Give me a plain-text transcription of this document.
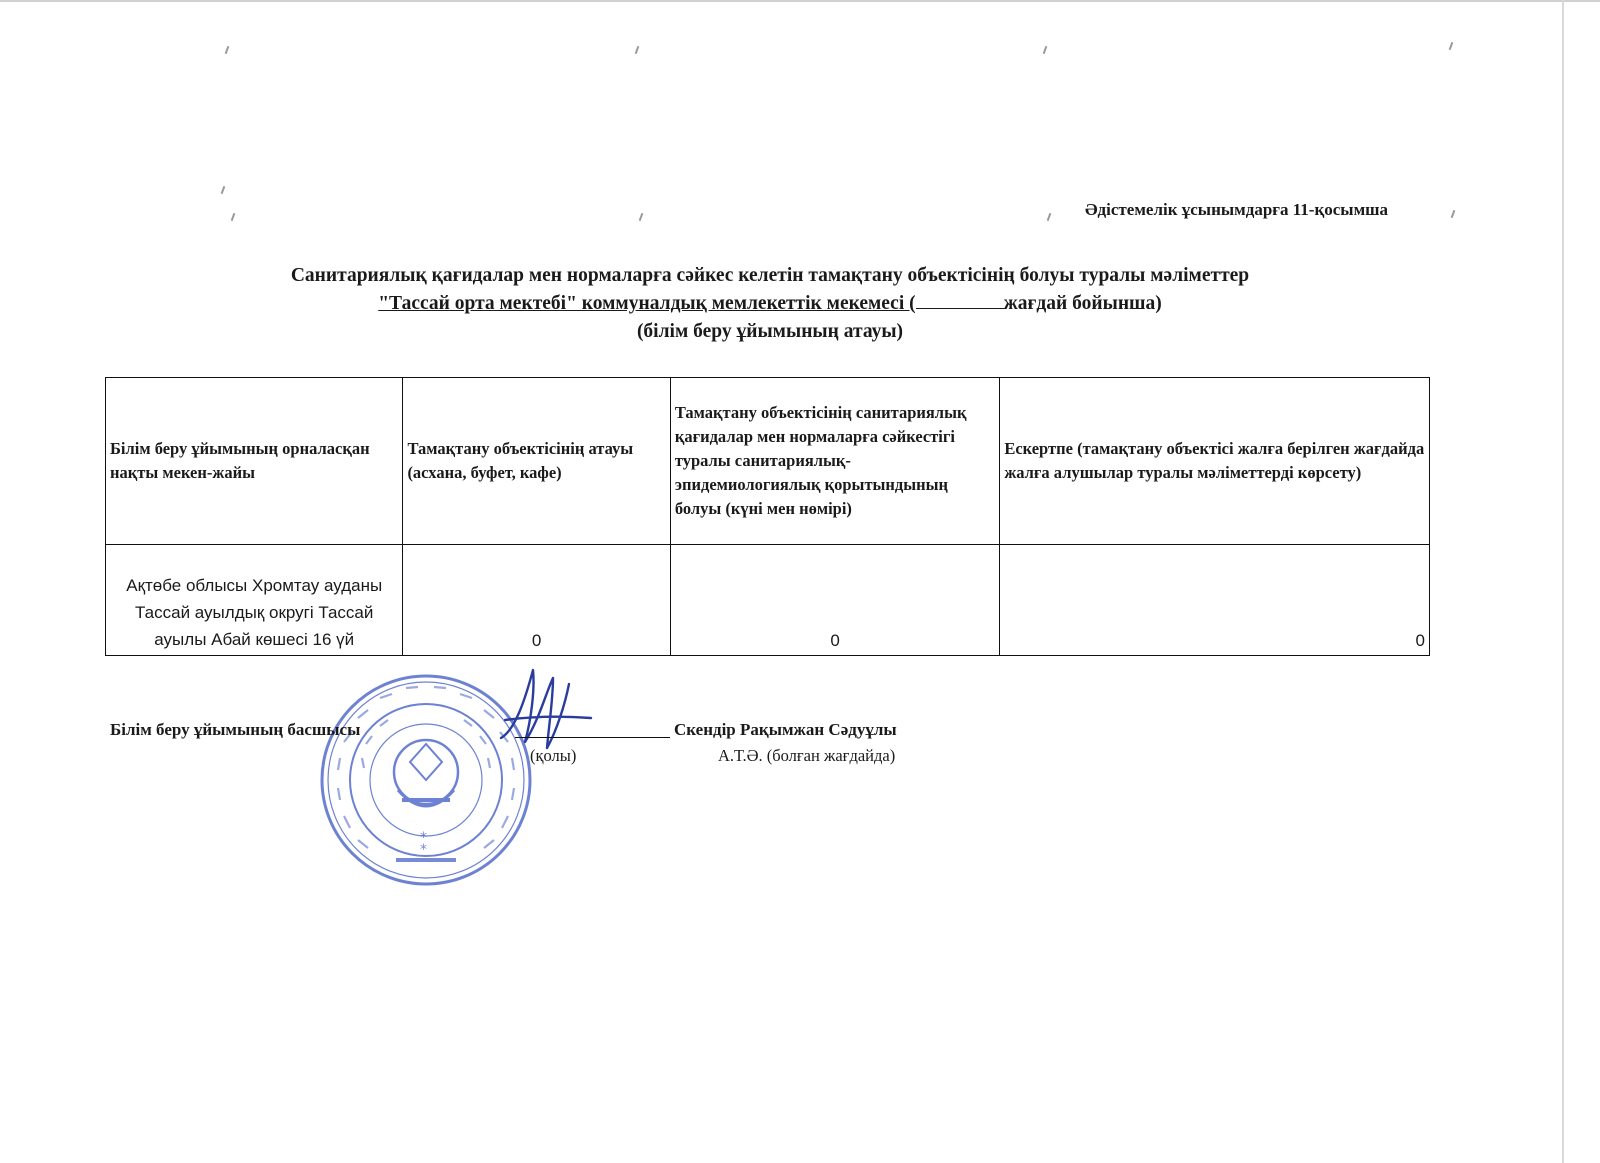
Әдістемелік ұсынымдарға 11-қосымша
Санитариялық қағидалар мен нормаларға сәйкес келетін тамақтану объектісінің болуы туралы мәліметтер
"Тассай орта мектебі" коммуналдық мемлекеттік мекемесі (	жағдай бойынша)
(білім беру ұйымының атауы)
Білім беру ұйымының орналасқан нақты мекен-жайы	Тамақтану объектісінің атауы (асхана, буфет, кафе)	Тамақтану объектісінің санитариялық қағидалар мен нормаларға сәйкестігі туралы санитариялық-эпидемиологиялық қорытындының болуы (күні мен нөмірі)	Ескертпе (тамақтану объектісі жалға берілген жағдайда жалға алушылар туралы мәліметтерді көрсету)
Ақтөбе облысы Хромтау ауданы Тассай ауылдық округі Тассай ауылы Абай көшесі 16 үй	0	0	0
*
*
Білім беру ұйымының басшысы	Скендір Рақымжан Сәдуұлы
(қолы)	А.Т.Ә. (болған жағдайда)
